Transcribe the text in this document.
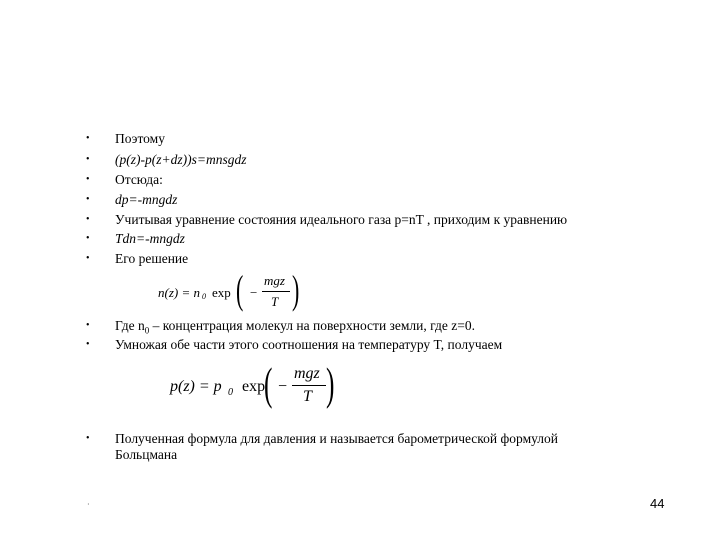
•
•
•
•
•
•
•
•
•
•
Поэтому
(p(z)-p(z+dz))s=mnsgdz
Отсюда:
dp=-mngdz
Учитывая уравнение состояния идеального газа p=nT , приходим к уравнению
Tdn=-mngdz
Его решение
n(z) = n 0 exp ( −
mgz
T )
Где $n_0$ – концентрация молекул на поверхности земли, где z=0.
Умножая обе части этого соотношения на температуру T, получаем
p(z) = p 0 exp
( −
mgz
T )
Полученная формула для давления и называется барометрической формулой
Больцмана
·	44
